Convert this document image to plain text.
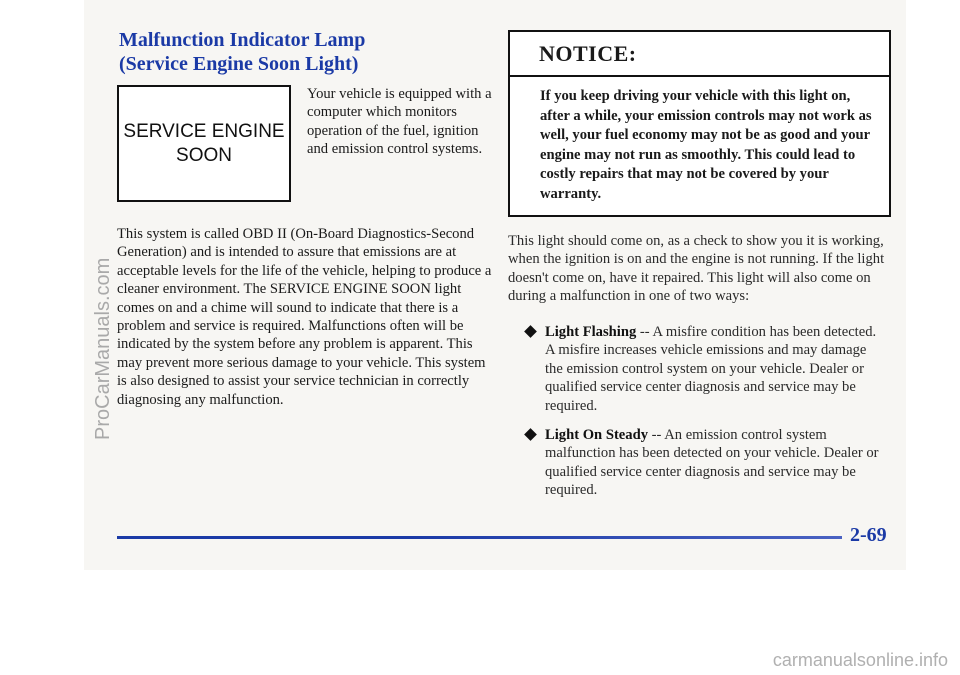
Malfunction Indicator Lamp
(Service Engine Soon Light)
SERVICE ENGINE
SOON
Your vehicle is equipped with a computer which monitors operation of the fuel, ignition and emission control systems.
This system is called OBD II (On-Board Diagnostics-Second Generation) and is intended to assure that emissions are at acceptable levels for the life of the vehicle, helping to produce a cleaner environment. The SERVICE ENGINE SOON light comes on and a chime will sound to indicate that there is a problem and service is required. Malfunctions often will be indicated by the system before any problem is apparent. This may prevent more serious damage to your vehicle. This system is also designed to assist your service technician in correctly diagnosing any malfunction.
NOTICE:
If you keep driving your vehicle with this light on, after a while, your emission controls may not work as well, your fuel economy may not be as good and your engine may not run as smoothly. This could lead to costly repairs that may not be covered by your warranty.
This light should come on, as a check to show you it is working, when the ignition is on and the engine is not running. If the light doesn't come on, have it repaired. This light will also come on during a malfunction in one of two ways:
Light Flashing -- A misfire condition has been detected. A misfire increases vehicle emissions and may damage the emission control system on your vehicle. Dealer or qualified service center diagnosis and service may be required.
Light On Steady -- An emission control system malfunction has been detected on your vehicle. Dealer or qualified service center diagnosis and service may be required.
2-69
ProCarManuals.com
carmanualsonline.info
